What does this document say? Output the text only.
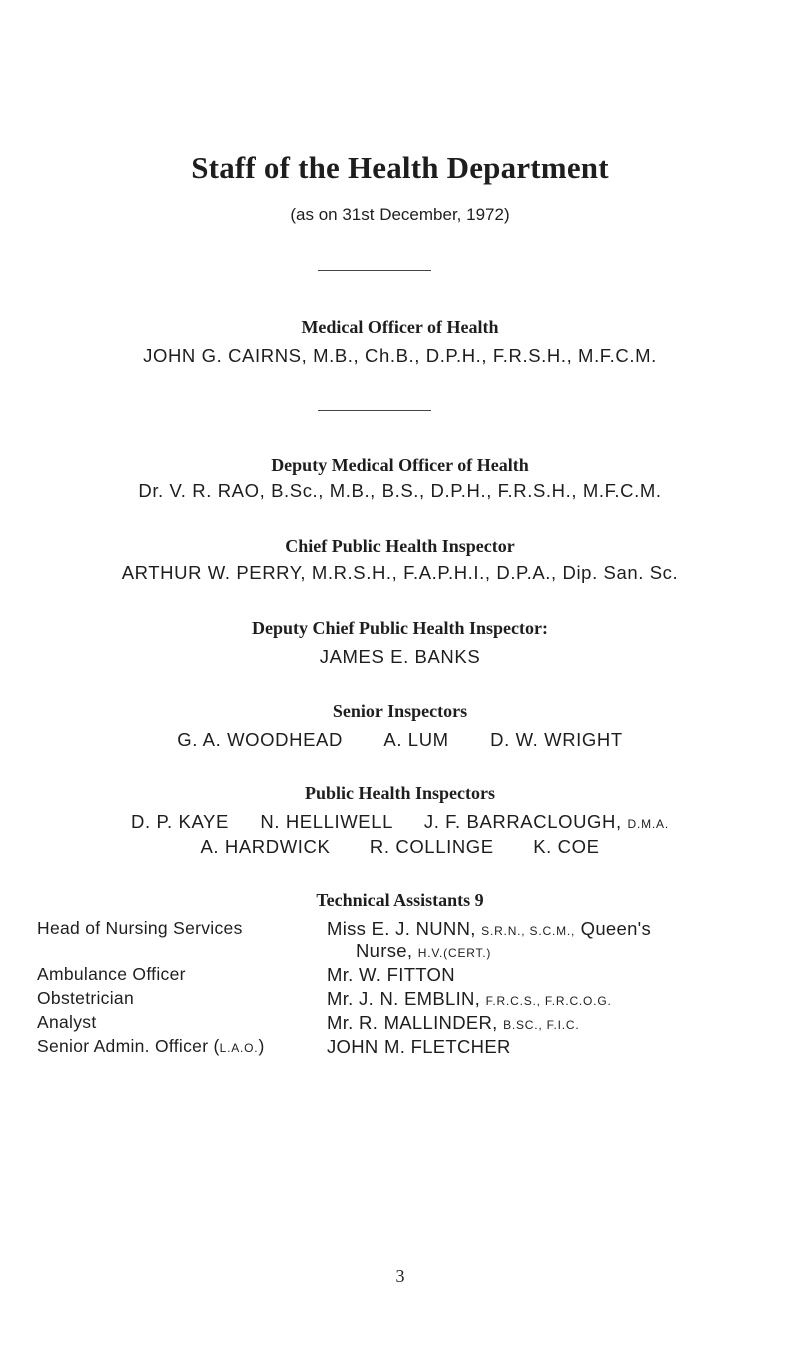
Staff of the Health Department
(as on 31st December, 1972)
Medical Officer of Health
JOHN G. CAIRNS, M.B., Ch.B., D.P.H., F.R.S.H., M.F.C.M.
Deputy Medical Officer of Health
Dr. V. R. RAO, B.Sc., M.B., B.S., D.P.H., F.R.S.H., M.F.C.M.
Chief Public Health Inspector
ARTHUR W. PERRY, M.R.S.H., F.A.P.H.I., D.P.A., Dip. San. Sc.
Deputy Chief Public Health Inspector:
JAMES E. BANKS
Senior Inspectors
G. A. WOODHEAD A. LUM D. W. WRIGHT
Public Health Inspectors
D. P. KAYE N. HELLIWELL J. F. BARRACLOUGH, D.M.A.
A. HARDWICK R. COLLINGE K. COE
Technical Assistants 9
Head of Nursing Services	Miss E. J. NUNN, S.R.N., S.C.M., Queen's
Nurse, H.V.(CERT.)
Ambulance Officer	Mr. W. FITTON
Obstetrician	Mr. J. N. EMBLIN, F.R.C.S., F.R.C.O.G.
Analyst	Mr. R. MALLINDER, B.SC., F.I.C.
Senior Admin. Officer (L.A.O.)	JOHN M. FLETCHER
3
